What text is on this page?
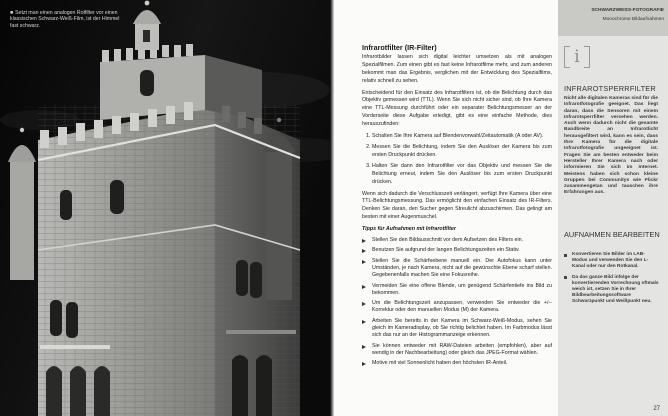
■ Setzt man einen analogen Rotfilter vor einen klassischen Schwarz-Weiß-Film, ist der Himmel fast schwarz.
Infrarotfilter (IR-Filter)

Infrarotbilder lassen sich digital leichter umsetzen als mit analogen Spezialfilmen. Zum einen gibt es fast keine Infrarotfilme mehr, und zum anderen bekommt man das Ergebnis, verglichen mit der Entwicklung des Spezialfilms, relativ schnell zu sehen.

Entscheidend für den Einsatz des Infrarotfilters ist, ob die Belichtung durch das Objektiv gemessen wird (TTL). Wenn Sie sich nicht sicher sind, ob Ihre Kamera eine TTL-Messung durchführt oder ein separater Belichtungsmesser an der Vorderseite diese Aufgabe erledigt, gibt es eine einfache Methode, dies herauszufinden:

1. Schalten Sie Ihre Kamera auf Blendenvorwahl/Zeitautomatik (A oder AV).
2. Messen Sie die Belichtung, indem Sie den Auslöser der Kamera bis zum ersten Druckpunkt drücken.
3. Halten Sie dann den Infrarotfilter vor das Objektiv und messen Sie die Belichtung erneut, indem Sie den Auslöser bis zum ersten Druckpunkt drücken.

Wenn sich dadurch die Verschlusszeit verlängert, verfügt Ihre Kamera über eine TTL-Belichtungsmessung. Das ermöglicht den einfachen Einsatz des IR-Filters. Denken Sie daran, den Sucher gegen Streulicht abzuschirmen. Das gelingt am besten mit einer Augenmuschel.

Tipps für Aufnahmen mit Infrarotfilter
Stellen Sie den Bildausschnitt vor dem Aufsetzen des Filters ein.
Benutzen Sie aufgrund der langen Belichtungszeiten ein Stativ.
Stellen Sie die Schärfeebene manuell ein. Der Autofokus kann unter Umständen, je nach Kamera, nicht auf die gewünschte Ebene scharf stellen. Gegebenenfalls machen Sie eine Fokusreihe.
Vermeiden Sie eine offene Blende, um genügend Schärfentiefe ins Bild zu bekommen.
Um die Belichtungszeit anzupassen, verwenden Sie entweder die +/--Korrektur oder den manuellen Modus (M) der Kamera.
Arbeiten Sie bereits in der Kamera im Schwarz-Weiß-Modus, sehen Sie gleich im Kameradisplay, ob Sie richtig belichtet haben. Im Farbmodus lässt sich das nur an der Histogrammanzeige erkennen.
Sie können entweder mit RAW-Dateien arbeiten (empfohlen), aber auf wendig in der Nachbearbeitung) oder gleich das JPEG-Format wählen.
Motive mit viel Sonnenlicht haben den höchsten IR-Anteil.
SCHWARZWEISS-FOTOGRAFIE
Monochrome Bildaufnahmen
i
INFRAROTSPERRFILTER
Nicht alle digitalen Kameras sind für die Infrarotfotografie geeignet. Das liegt daran, dass die Sensoren mit einem Infrarotsperrfilter versehen werden. Auch wenn dadurch nicht die gesamte Bandbreite an Infrarotlicht herausgefiltert wird, kann es sein, dass Ihre Kamera für die digitale Infrarotfotografie ungeeignet ist. Fragen Sie am besten entweder beim Hersteller Ihrer Kamera nach oder informieren Sie sich im Internet. Meistens haben sich schon kleine Gruppen bei Communitys wie Flickr zusammengetan und tauschen ihre Erfahrungen aus.
AUFNAHMEN BEARBEITEN
Konvertieren Sie Bilder im LAB-Modus und verwenden Sie den L-Kanal oder nur den Rotkanal.
Da das ganze Bild infolge der konvertierenden Vorrechnung oftmals weich ist, setzen Sie in Ihrer Bildbearbeitungssoftware Schwarzpunkt und Weißpunkt neu.
27
